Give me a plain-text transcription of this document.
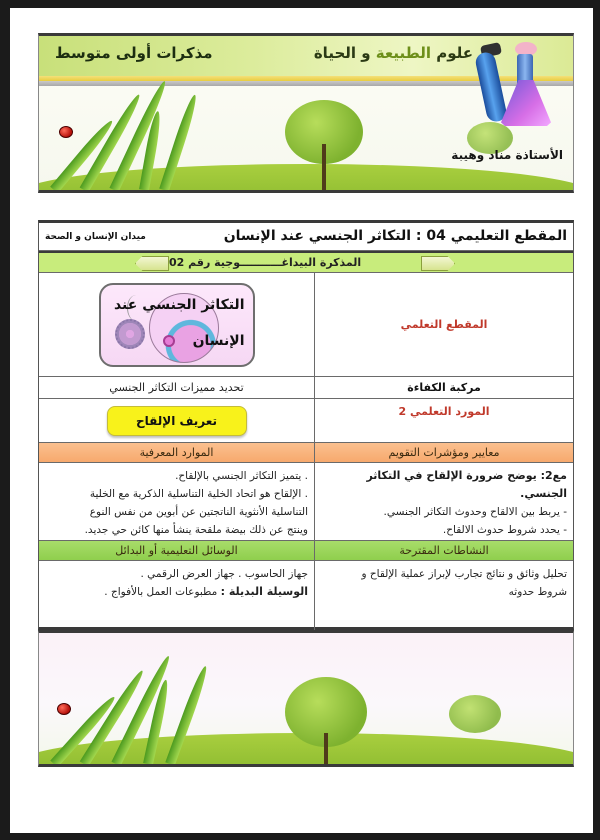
مذكرات أولى متوسط	علوم الطبيعة و الحياة
الأستاذة مناد وهيبة
المقطع التعليمي 04 : التكاثر الجنسي عند الإنسان
ميدان الإنسان و الصحة
المذكرة البيداغـــــــــــوجية رقم 02
المقطع التعلمي
التكاثر الجنسي عند
الإنسان
مركبة الكفاءة
تحديد مميزات التكاثر الجنسي
المورد التعلمي 2
تعريف الإلقاح
معايير ومؤشرات التقويم
الموارد المعرفية
مع2: يوضح ضرورة الإلقاح في التكاثر الجنسي.
- يربط بين الالقاح وحدوث التكاثر الجنسي.
- يحدد شروط حدوث الالقاح.
. يتميز التكاثر الجنسي بالإلقاح.
. الإلقاح هو اتحاد الخلية التناسلية الذكرية مع الخلية
التناسلية الأنثوية الناتجتين عن أبوين من نفس النوع
وينتج عن ذلك بيضة ملقحة ينشأ منها كائن حي جديد.
النشاطات المقترحة
الوسائل التعليمية أو البدائل
تحليل وثائق و نتائج تجارب لإبراز عملية الإلقاح و
شروط حدوثه
جهاز الحاسوب . جهاز العرض الرقمي .
الوسيلة البديلة : مطبوعات العمل بالأفواج .
